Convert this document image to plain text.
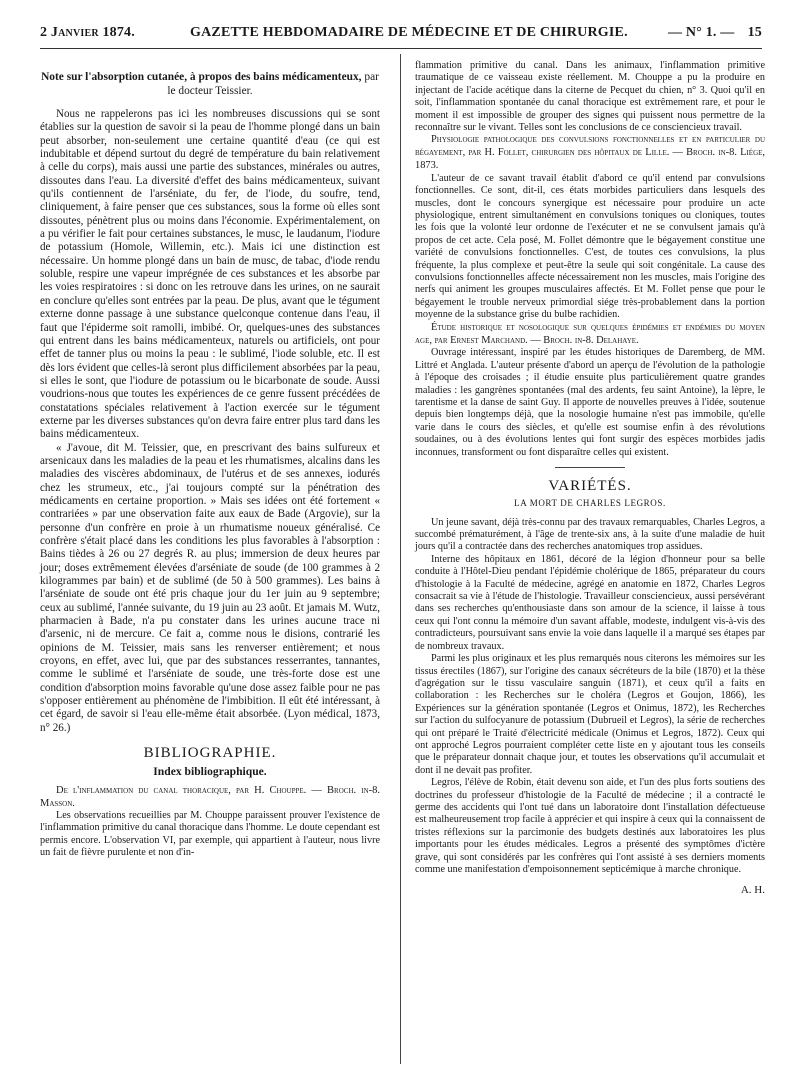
2 Janvier 1874.	GAZETTE HEBDOMADAIRE DE MÉDECINE ET DE CHIRURGIE.	— N° 1. — 15
Note sur l'absorption cutanée, à propos des bains médicamenteux, par le docteur Teissier.

Nous ne rappelerons pas ici les nombreuses discussions qui se sont établies sur la question de savoir si la peau de l'homme plongé dans un bain peut absorber, non-seulement une certaine quantité d'eau (ce qui est indubitable et dépend surtout du degré de température du bain relativement à celle du corps), mais aussi une partie des substances, minérales ou autres, dissoutes dans l'eau. La diversité d'effet des bains médicamenteux, suivant qu'ils contiennent de l'arséniate, du fer, de l'iode, du soufre, tend, cliniquement, à faire penser que ces substances, sous la forme où elles sont dissoutes, pénètrent plus ou moins dans l'économie. Expérimentalement, on a pu vérifier le fait pour certaines substances, le musc, le laudanum, l'iodure de potassium (Homole, Willemin, etc.). Mais ici une distinction est nécessaire. Un homme plongé dans un bain de musc, de tabac, d'iode rendu soluble, respire une vapeur imprégnée de ces substances et les absorbe par les voies respiratoires : si donc on les retrouve dans les urines, on ne saurait en conclure qu'elles sont entrées par la peau. De plus, avant que le tégument externe donne passage à une substance quelconque contenue dans l'eau, il faut que l'épiderme soit ramolli, imbibé. Or, quelques-unes des substances qui entrent dans les bains médicamenteux, naturels ou artificiels, ont pour effet de tanner plus ou moins la peau : le sublimé, l'iode soluble, etc. Il est dès lors évident que celles-là seront plus difficilement absorbées par la peau, si elles le sont, que l'iodure de potassium ou le bicarbonate de soude. Aussi voudrions-nous que toutes les expériences de ce genre fussent précédées de constatations spéciales relativement à l'action exercée sur le tégument externe par les diverses substances qu'on devra faire entrer plus tard dans les bains médicamenteux.

« J'avoue, dit M. Teissier, que, en prescrivant des bains sulfureux et arsenicaux dans les maladies de la peau et les rhumatismes, alcalins dans les maladies des viscères abdominaux, de l'utérus et de ses annexes, iodurés chez les strumeux, etc., j'ai toujours compté sur la pénétration des médicaments en certaine proportion. » Mais ses idées ont été fortement « contrariées » par une observation faite aux eaux de Bade (Argovie), sur la personne d'un confrère en proie à un rhumatisme noueux généralisé. Ce confrère s'était placé dans les conditions les plus favorables à l'absorption : Bains tièdes à 26 ou 27 degrés R. au plus; immersion de deux heures par jour; doses extrêmement élevées d'arséniate de soude (de 100 grammes à 2 kilogrammes par bain) et de sublimé (de 50 à 500 grammes). Les bains à l'arséniate de soude ont été pris chaque jour du 1er juin au 9 septembre; ceux au sublimé, l'année suivante, du 19 juin au 23 août. Et jamais M. Wutz, pharmacien à Bade, n'a pu constater dans les urines aucune trace ni d'arsenic, ni de mercure. Ce fait a, comme nous le disions, contrarié les opinions de M. Teissier, mais sans les renverser entièrement; et nous croyons, en effet, avec lui, que par des substances resserrantes, tannantes, comme le sublimé et l'arséniate de soude, une très-forte dose est une condition d'absorption moins favorable qu'une dose assez faible pour ne pas s'opposer entièrement au phénomène de l'imbibition. Il eût été intéressant, à cet égard, de savoir si l'eau elle-même était absorbée. (Lyon médical, 1873, n° 26.)

BIBLIOGRAPHIE.
Index bibliographique.

De l'inflammation du canal thoracique, par H. Chouppe. — Broch. in-8. Masson.

Les observations recueillies par M. Chouppe paraissent prouver l'existence de l'inflammation primitive du canal thoracique dans l'homme. Le doute cependant est permis encore. L'observation VI, par exemple, qui appartient à l'auteur, nous livre un fait de fièvre purulente et non d'in-

flammation primitive du canal. Dans les animaux, l'inflammation primitive traumatique de ce vaisseau existe réellement. M. Chouppe a pu la produire en injectant de l'acide acétique dans la citerne de Pecquet du chien, n° 3. Quoi qu'il en soit, l'inflammation spontanée du canal thoracique est extrêmement rare, et pour le moment il est impossible de grouper des signes qui puissent nous permettre de la reconnaître sur le vivant. Telles sont les conclusions de ce consciencieux travail.

Physiologie pathologique des convulsions fonctionnelles et en particulier du bégayement, par H. Follet, chirurgien des hôpitaux de Lille. — Broch. in-8. Liége, 1873.

L'auteur de ce savant travail établit d'abord ce qu'il entend par convulsions fonctionnelles. Ce sont, dit-il, ces états morbides particuliers dans lesquels des muscles, dont le concours synergique est nécessaire pour produire un acte physiologique, entrent simultanément en convulsions toniques ou cloniques, toutes les fois que la volonté leur ordonne de l'exécuter et ne se convulsent jamais qu'à propos de cet acte. Cela posé, M. Follet démontre que le bégayement constitue une variété de convulsions fonctionnelles. C'est, de toutes ces convulsions, la plus fréquente, la plus complexe et peut-être la seule qui soit congénitale. La cause des convulsions fonctionnelles affecte nécessairement non les muscles, mais l'origine des nerfs qui animent les groupes musculaires affectés. Et M. Follet pense que pour le bégayement le trouble nerveux primordial siége très-probablement dans la portion moyenne de la substance grise du bulbe rachidien.

Étude historique et nosologique sur quelques épidémies et endémies du moyen age, par Ernest Marchand. — Broch. in-8. Delahaye.

Ouvrage intéressant, inspiré par les études historiques de Daremberg, de MM. Littré et Anglada. L'auteur présente d'abord un aperçu de l'évolution de la pathologie à l'époque des croisades ; il étudie ensuite plus particulièrement quatre grandes maladies : les gangrènes spontanées (mal des ardents, feu saint Antoine), la lèpre, le tarentisme et la danse de saint Guy. Il apporte de nouvelles preuves à l'idée, soutenue depuis bien longtemps déjà, que la nosologie humaine n'est pas immobile, qu'elle varie dans le cours des siècles, et qu'elle est soumise enfin à des révolutions soudaines, ou à des évolutions lentes qui font surgir des espèces morbides jadis inconnues, transforment ou font disparaître celles qui existent.

VARIÉTÉS.
LA MORT DE CHARLES LEGROS.

Un jeune savant, déjà très-connu par des travaux remarquables, Charles Legros, a succombé prématurément, à l'âge de trente-six ans, à la suite d'une maladie de huit jours qu'il a contractée dans des recherches anatomiques trop assidues.

Interne des hôpitaux en 1861, décoré de la légion d'honneur pour sa belle conduite à l'Hôtel-Dieu pendant l'épidémie cholérique de 1865, préparateur du cours d'histologie à la Faculté de médecine, agrégé en anatomie en 1872, Charles Legros consacrait sa vie à l'étude de l'histologie. Travailleur consciencieux, aussi persévérant dans ses recherches qu'enthousiaste dans son amour de la science, il laisse à tous ceux qui l'ont connu la mémoire d'un savant affable, modeste, indulgent vis-à-vis des contradicteurs, poursuivant sans envie la voie dans laquelle il a marqué ses étapes par de nombreux travaux.

Parmi les plus originaux et les plus remarqués nous citerons les mémoires sur les tissus érectiles (1867), sur l'origine des canaux sécréteurs de la bile (1870) et la thèse d'agrégation sur le tissu vasculaire sanguin (1871), et ceux qu'il a faits en collaboration : les Recherches sur le choléra (Legros et Goujon, 1866), les Expériences sur la génération spontanée (Legros et Onimus, 1872), les Recherches sur l'action du sulfocyanure de potassium (Dubrueil et Legros), la série de recherches qui ont préparé le Traité d'électricité médicale (Onimus et Legros, 1872). Ceux qui ont approché Legros pourraient compléter cette liste en y ajoutant tous les conseils que le préparateur donnait chaque jour, et toutes les observations qu'il accumulait et dont il ne devait pas profiter.

Legros, l'élève de Robin, était devenu son aide, et l'un des plus forts soutiens des doctrines du professeur d'histologie de la Faculté de médecine ; il a contracté le germe des accidents qui l'ont tué dans un laboratoire dont l'installation défectueuse est malheureusement trop facile à apprécier et qui inspire à ceux qui la connaissent de tristes réflexions sur la parcimonie des budgets destinés aux laboratoires les plus importants pour les études médicales. Legros a présenté des symptômes d'ictère grave, qui sont considérés par les confrères qui l'ont assisté à ses derniers moments comme une manifestation d'empoisonnement septicémique à marche chronique.

A. H.
